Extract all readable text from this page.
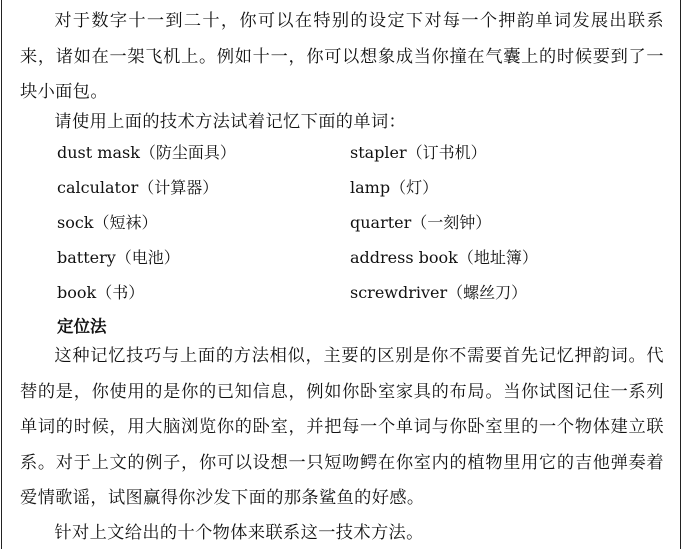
对于数字十一到二十，你可以在特别的设定下对每一个押韵单词发展出联系来，诸如在一架飞机上。例如十一，你可以想象成当你撞在气囊上的时候要到了一块小面包。

请使用上面的技术方法试着记忆下面的单词：

dust mask（防尘面具）	stapler（订书机）
calculator（计算器）	lamp（灯）
sock（短袜）	quarter（一刻钟）
battery（电池）	address book（地址簿）
book（书）	screwdriver（螺丝刀）
定位法

这种记忆技巧与上面的方法相似，主要的区别是你不需要首先记忆押韵词。代替的是，你使用的是你的已知信息，例如你卧室家具的布局。当你试图记住一系列单词的时候，用大脑浏览你的卧室，并把每一个单词与你卧室里的一个物体建立联系。对于上文的例子，你可以设想一只短吻鳄在你室内的植物里用它的吉他弹奏着爱情歌谣，试图赢得你沙发下面的那条鲨鱼的好感。

针对上文给出的十个物体来联系这一技术方法。
